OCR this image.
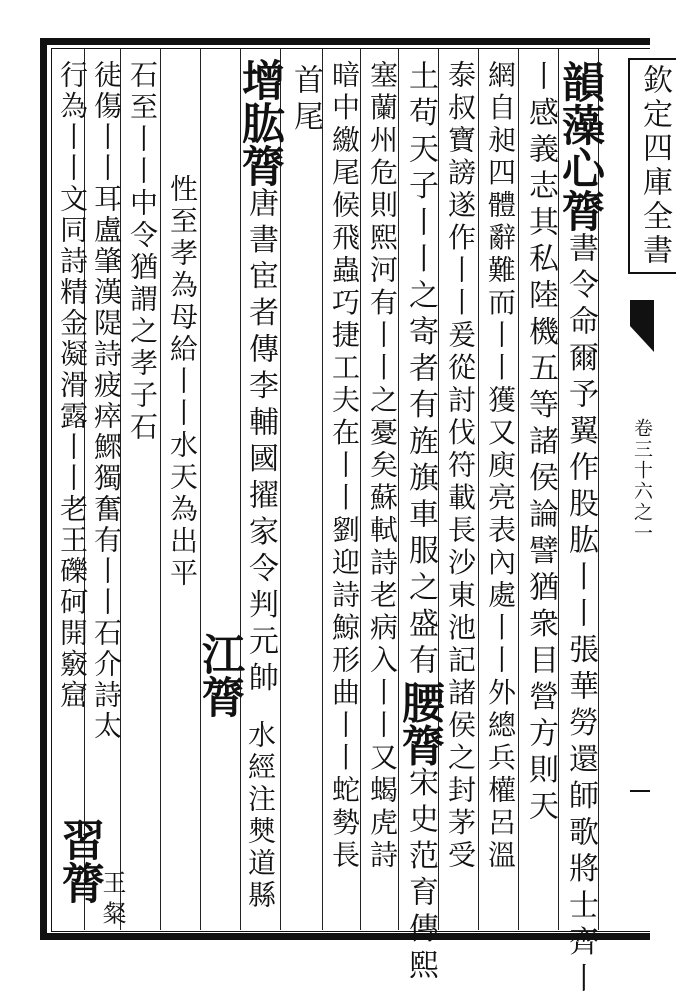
欽定四庫全書
卷三十六之一
韻藻心膂書令命爾予翼作股肱丨丨張華勞還師歌將士齊丨
丨感義志其私陸機五等諸侯論譬猶衆目營方則天
網自昶四體辭難而丨丨獲又庾亮表內處丨丨外總兵權呂溫
泰叔寶謗遂作丨丨爰從討伐符載長沙東池記諸侯之封茅受
土苟天子丨丨之寄者有旌旗車服之盛有腰膂宋史范育傳熙
塞蘭州危則熙河有丨丨之憂矣蘇軾詩老病入丨丨又蝎虎詩
暗中繳尾候飛蟲巧捷工夫在丨丨劉迎詩鯨形曲丨丨蛇勢長
首尾
增肱膂唐書宦者傳李輔國擢家令判元帥
江膂
水經注僰道縣
性至孝為母給丨丨水天為出平
石至丨丨中令猶謂之孝子石
徒傷丨丨耳盧肇漢隄詩疲瘁鰥獨奮有丨丨石介詩太
行為丨丨文同詩精金凝滑露丨丨老王礫砢開竅窟
習膂
王粲
